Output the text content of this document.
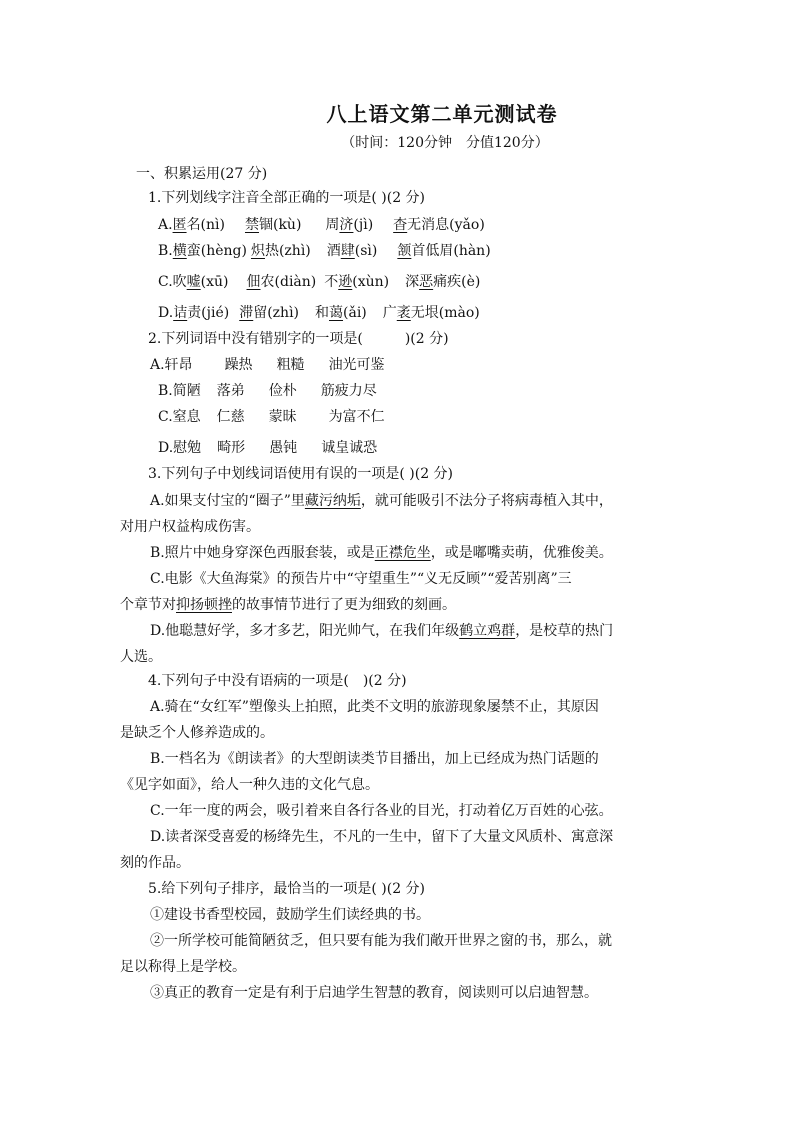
八上语文第二单元测试卷
（时间：120分钟　分值120分）
一、积累运用(27 分)
1.下列划线字注音全部正确的一项是( )(2 分)
A.匿名(nì) 禁锢(kù) 周济(jì) 杳无消息(yǎo)
B.横蛮(hèng) 炽热(zhì) 酒肆(sì) 颔首低眉(hàn)
C.吹嘘(xū) 佃农(diàn) 不逊(xùn) 深恶痛疾(è)
D.诘责(jié) 滞留(zhì) 和蔼(ǎi) 广袤无垠(mào)
2.下列词语中没有错别字的一项是(　　　)(2 分)
A.轩昂 躁热 粗糙 油光可鉴
B.简陋 落弟 俭朴 筋疲力尽
C.窒息 仁慈 蒙昧 为富不仁
D.慰勉 畸形 愚钝 诚皇诚恐
3.下列句子中划线词语使用有误的一项是( )(2 分)
A.如果支付宝的“圈子”里藏污纳垢，就可能吸引不法分子将病毒植入其中，
对用户权益构成伤害。
B.照片中她身穿深色西服套装，或是正襟危坐，或是嘟嘴卖萌，优雅俊美。
C.电影《大鱼海棠》的预告片中“守望重生”“义无反顾”“爱苦别离”三
个章节对抑扬顿挫的故事情节进行了更为细致的刻画。
D.他聪慧好学，多才多艺，阳光帅气，在我们年级鹤立鸡群，是校草的热门
人选。
4.下列句子中没有语病的一项是(　)(2 分)
A.骑在“女红军”塑像头上拍照，此类不文明的旅游现象屡禁不止，其原因
是缺乏个人修养造成的。
B.一档名为《朗读者》的大型朗读类节目播出，加上已经成为热门话题的
《见字如面》，给人一种久违的文化气息。
C.一年一度的两会，吸引着来自各行各业的目光，打动着亿万百姓的心弦。
D.读者深受喜爱的杨绛先生，不凡的一生中，留下了大量文风质朴、寓意深
刻的作品。
5.给下列句子排序，最恰当的一项是( )(2 分)
①建设书香型校园，鼓励学生们读经典的书。
②一所学校可能简陋贫乏，但只要有能为我们敞开世界之窗的书，那么，就
足以称得上是学校。
③真正的教育一定是有利于启迪学生智慧的教育，阅读则可以启迪智慧。
